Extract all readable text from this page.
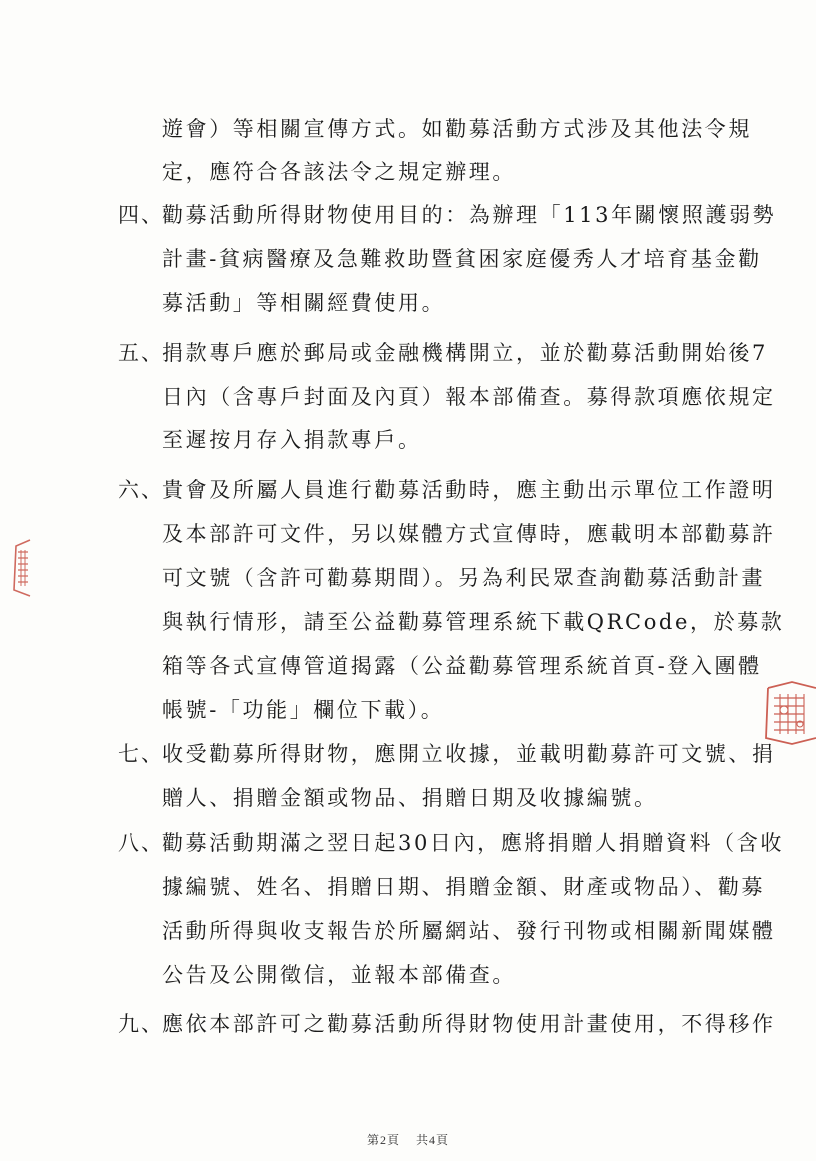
四、
五、
六、
七、
八、
九、
遊會）等相關宣傳方式。如勸募活動方式涉及其他法令規
定，應符合各該法令之規定辦理。
勸募活動所得財物使用目的：為辦理「113年關懷照護弱勢
計畫-貧病醫療及急難救助暨貧困家庭優秀人才培育基金勸
募活動」等相關經費使用。
捐款專戶應於郵局或金融機構開立，並於勸募活動開始後7
日內（含專戶封面及內頁）報本部備查。募得款項應依規定
至遲按月存入捐款專戶。
貴會及所屬人員進行勸募活動時，應主動出示單位工作證明
及本部許可文件，另以媒體方式宣傳時，應載明本部勸募許
可文號（含許可勸募期間）。另為利民眾查詢勸募活動計畫
與執行情形，請至公益勸募管理系統下載QRCode，於募款
箱等各式宣傳管道揭露（公益勸募管理系統首頁-登入團體
帳號-「功能」欄位下載）。
收受勸募所得財物，應開立收據，並載明勸募許可文號、捐
贈人、捐贈金額或物品、捐贈日期及收據編號。
勸募活動期滿之翌日起30日內，應將捐贈人捐贈資料（含收
據編號、姓名、捐贈日期、捐贈金額、財產或物品）、勸募
活動所得與收支報告於所屬網站、發行刊物或相關新聞媒體
公告及公開徵信，並報本部備查。
應依本部許可之勸募活動所得財物使用計畫使用，不得移作
第2頁 共4頁
